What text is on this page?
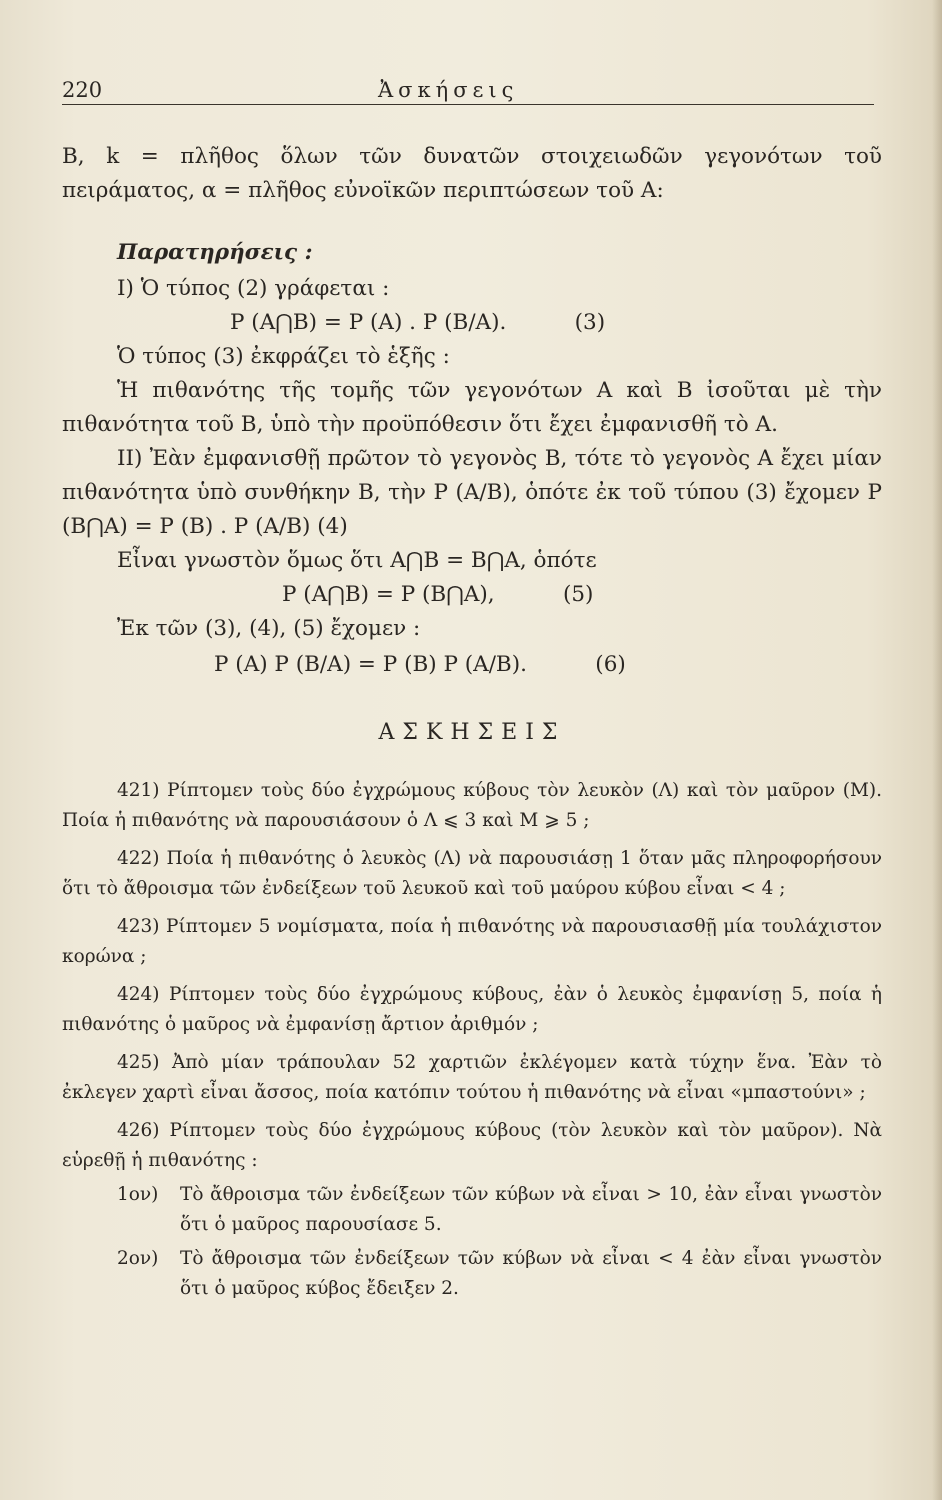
220	Ἀσκήσεις

B, k = πλῆθος ὅλων τῶν δυνατῶν στοιχειωδῶν γεγονότων τοῦ πειράματος, α = πλῆθος εὐνοϊκῶν περιπτώσεων τοῦ A:

Παρατηρήσεις :

I) Ὁ τύπος (2) γράφεται :

P (A⋂B) = P (A) . P (B/A).          (3)

Ὁ τύπος (3) ἐκφράζει τὸ ἑξῆς :

Ἡ πιθανότης τῆς τομῆς τῶν γεγονότων A καὶ B ἰσοῦται μὲ τὴν πιθανότητα τοῦ B, ὑπὸ τὴν προϋπόθεσιν ὅτι ἔχει ἐμφανισθῆ τὸ A.

II) Ἐὰν ἐμφανισθῇ πρῶτον τὸ γεγονὸς B, τότε τὸ γεγονὸς A ἔχει μίαν πιθανότητα ὑπὸ συνθήκην B, τὴν P (A/B), ὁπότε ἐκ τοῦ τύπου (3) ἔχομεν P (B⋂A) = P (B) . P (A/B) (4)

Εἶναι γνωστὸν ὅμως ὅτι A⋂B = B⋂A, ὁπότε

P (A⋂B) = P (B⋂A),          (5)

Ἐκ τῶν (3), (4), (5) ἔχομεν :

P (A) P (B/A) = P (B) P (A/B).          (6)

ΑΣΚΗΣΕΙΣ

421) Ρίπτομεν τοὺς δύο ἐγχρώμους κύβους τὸν λευκὸν (Λ) καὶ τὸν μαῦρον (M). Ποία ἡ πιθανότης νὰ παρουσιάσουν ὁ Λ ⩽ 3 καὶ M ⩾ 5 ;

422) Ποία ἡ πιθανότης ὁ λευκὸς (Λ) νὰ παρουσιάσῃ 1 ὅταν μᾶς πληροφορήσουν ὅτι τὸ ἄθροισμα τῶν ἐνδείξεων τοῦ λευκοῦ καὶ τοῦ μαύρου κύβου εἶναι < 4 ;

423) Ρίπτομεν 5 νομίσματα, ποία ἡ πιθανότης νὰ παρουσιασθῇ μία τουλάχιστον κορώνα ;

424) Ρίπτομεν τοὺς δύο ἐγχρώμους κύβους, ἐὰν ὁ λευκὸς ἐμφανίσῃ 5, ποία ἡ πιθανότης ὁ μαῦρος νὰ ἐμφανίσῃ ἄρτιον ἀριθμόν ;

425) Ἀπὸ μίαν τράπουλαν 52 χαρτιῶν ἐκλέγομεν κατὰ τύχην ἕνα. Ἐὰν τὸ ἐκλεγεν χαρτὶ εἶναι ἄσσος, ποία κατόπιν τούτου ἡ πιθανότης νὰ εἶναι «μπαστούνι» ;

426) Ρίπτομεν τοὺς δύο ἐγχρώμους κύβους (τὸν λευκὸν καὶ τὸν μαῦρον). Νὰ εὑρεθῇ ἡ πιθανότης :

1ον)	Τὸ ἄθροισμα τῶν ἐνδείξεων τῶν κύβων νὰ εἶναι > 10, ἐὰν εἶναι γνωστὸν ὅτι ὁ μαῦρος παρουσίασε 5.
2ον)	Τὸ ἄθροισμα τῶν ἐνδείξεων τῶν κύβων νὰ εἶναι < 4 ἐὰν εἶναι γνωστὸν ὅτι ὁ μαῦρος κύβος ἔδειξεν 2.
